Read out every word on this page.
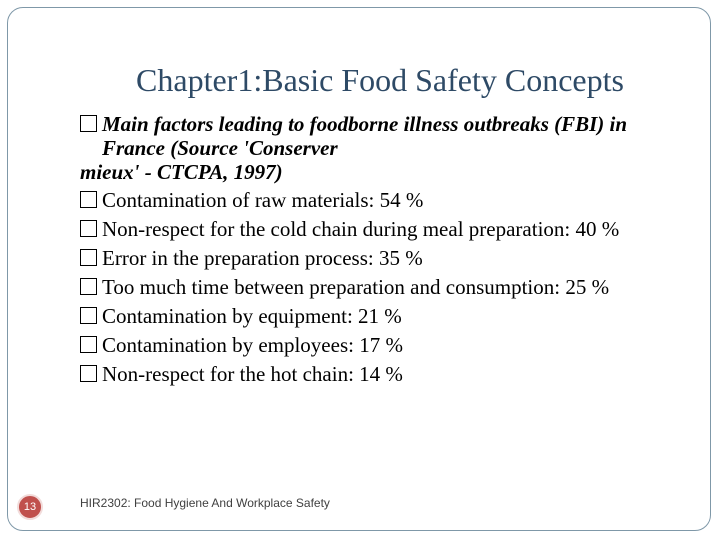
Chapter1:Basic Food Safety Concepts
Main factors leading to foodborne illness outbreaks (FBI) in France (Source 'Conserver
mieux' - CTCPA, 1997)
Contamination of raw materials: 54 %
Non-respect for the cold chain during meal preparation: 40 %
Error in the preparation process: 35 %
Too much time between preparation and consumption: 25 %
Contamination by equipment: 21 %
Contamination by employees: 17 %
Non-respect for the hot chain: 14 %
13	HIR2302: Food Hygiene And Workplace Safety
